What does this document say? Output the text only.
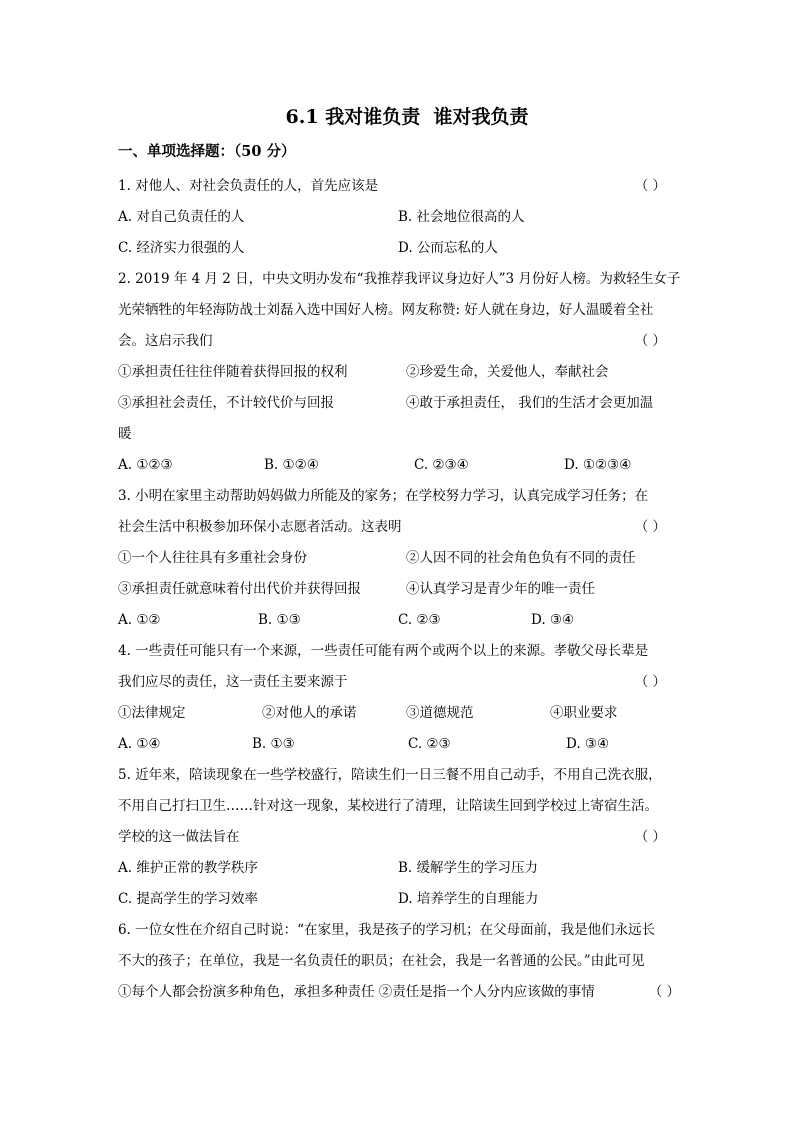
6.1 我对谁负责  谁对我负责
一、单项选择题：（50 分）
1. 对他人、对社会负责任的人，首先应该是	（ ）
A. 对自己负责任的人	B. 社会地位很高的人
C. 经济实力很强的人	D. 公而忘私的人
2. 2019 年 4 月 2 日，中央文明办发布“我推荐我评议身边好人”3 月份好人榜。为救轻生女子
光荣牺牲的年轻海防战士刘磊入选中国好人榜。网友称赞: 好人就在身边，好人温暖着全社
会。这启示我们	（ ）
①承担责任往往伴随着获得回报的权利	②珍爱生命，关爱他人，奉献社会
③承担社会责任，不计较代价与回报	④敢于承担责任， 我们的生活才会更加温
暖
A. ①②③	B. ①②④	C. ②③④	D. ①②③④
3. 小明在家里主动帮助妈妈做力所能及的家务；在学校努力学习，认真完成学习任务；在
社会生活中积极参加环保小志愿者活动。这表明	（ ）
①一个人往往具有多重社会身份	②人因不同的社会角色负有不同的责任
③承担责任就意味着付出代价并获得回报	④认真学习是青少年的唯一责任
A. ①②	B. ①③	C. ②③	D. ③④
4. 一些责任可能只有一个来源，一些责任可能有两个或两个以上的来源。孝敬父母长辈是
我们应尽的责任，这一责任主要来源于	（ ）
①法律规定	②对他人的承诺	③道德规范	④职业要求
A. ①④	B. ①③	C. ②③	D. ③④
5. 近年来，陪读现象在一些学校盛行，陪读生们一日三餐不用自己动手，不用自己洗衣服，
不用自己打扫卫生……针对这一现象，某校进行了清理，让陪读生回到学校过上寄宿生活。
学校的这一做法旨在	（ ）
A. 维护正常的教学秩序	B. 缓解学生的学习压力
C. 提高学生的学习效率	D. 培养学生的自理能力
6. 一位女性在介绍自己时说：“在家里，我是孩子的学习机；在父母面前，我是他们永远长
不大的孩子；在单位，我是一名负责任的职员；在社会，我是一名普通的公民。”由此可见
①每个人都会扮演多种角色，承担多种责任 ②责任是指一个人分内应该做的事情	（ ）
